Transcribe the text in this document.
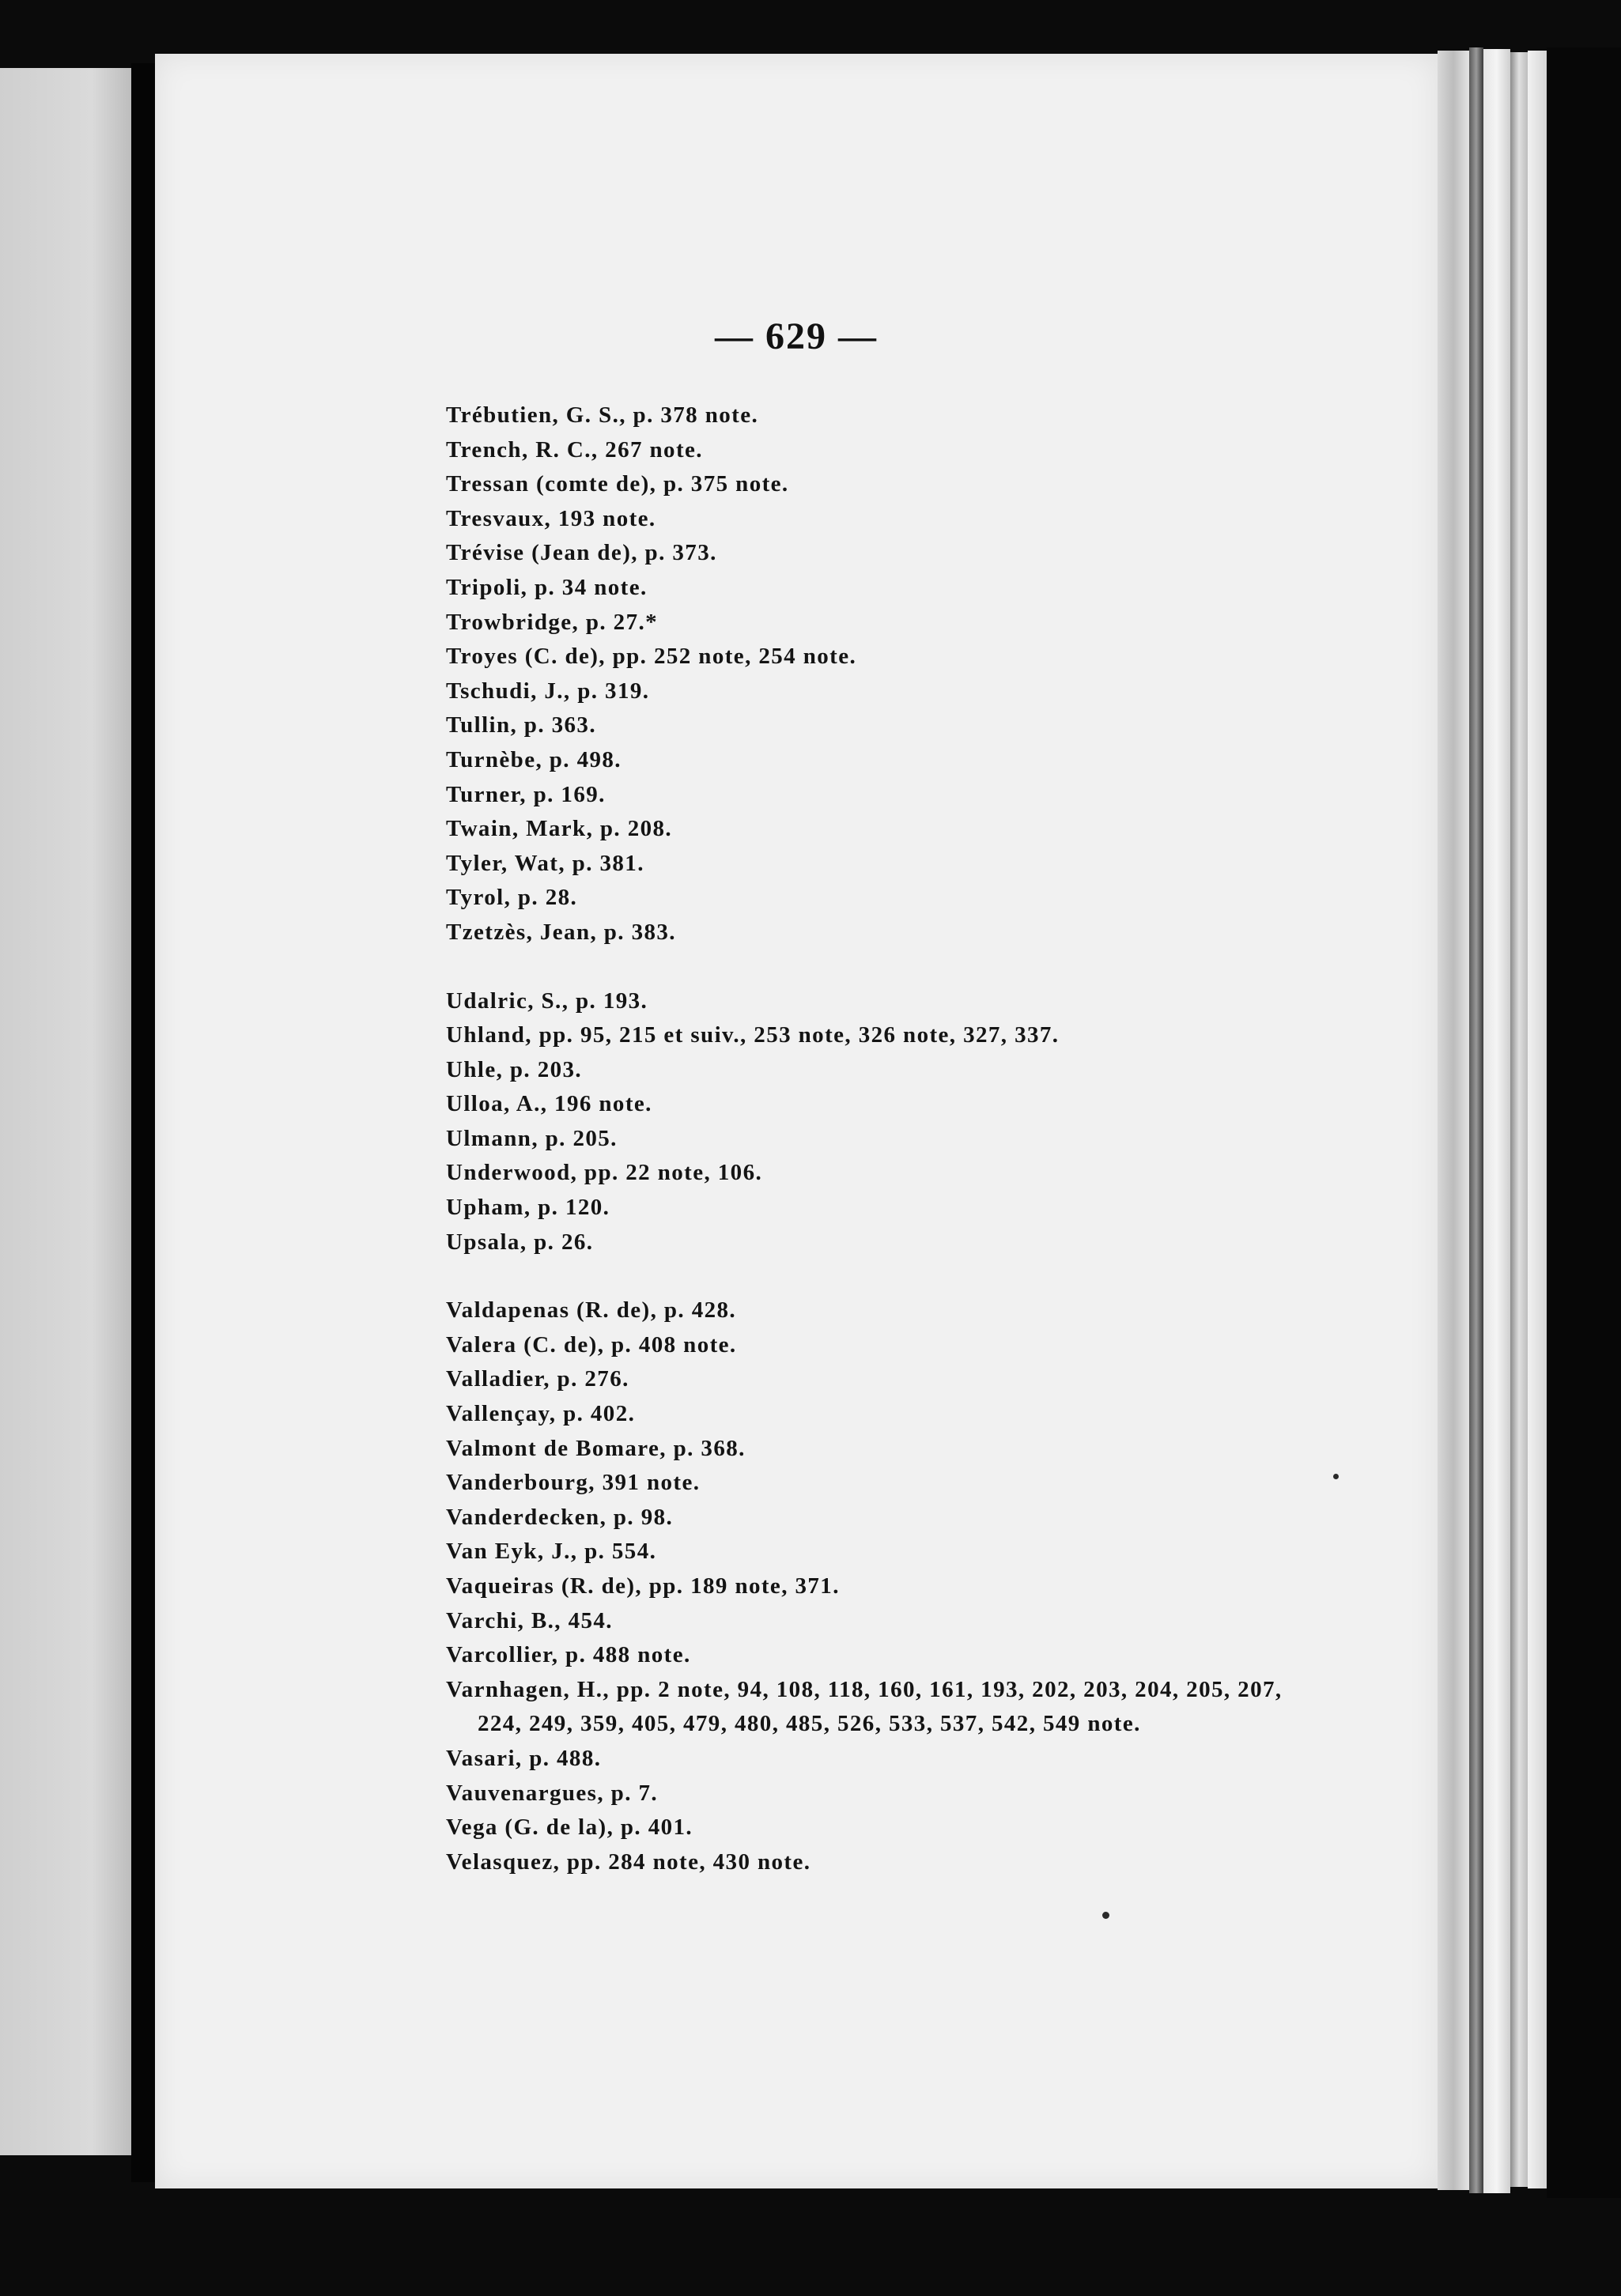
— 629 —
Trébutien, G. S., p. 378 note.
Trench, R. C., 267 note.
Tressan (comte de), p. 375 note.
Tresvaux, 193 note.
Trévise (Jean de), p. 373.
Tripoli, p. 34 note.
Trowbridge, p. 27.*
Troyes (C. de), pp. 252 note, 254 note.
Tschudi, J., p. 319.
Tullin, p. 363.
Turnèbe, p. 498.
Turner, p. 169.
Twain, Mark, p. 208.
Tyler, Wat, p. 381.
Tyrol, p. 28.
Tzetzès, Jean, p. 383.
Udalric, S., p. 193.
Uhland, pp. 95, 215 et suiv., 253 note, 326 note, 327, 337.
Uhle, p. 203.
Ulloa, A., 196 note.
Ulmann, p. 205.
Underwood, pp. 22 note, 106.
Upham, p. 120.
Upsala, p. 26.
Valdapenas (R. de), p. 428.
Valera (C. de), p. 408 note.
Valladier, p. 276.
Vallençay, p. 402.
Valmont de Bomare, p. 368.
Vanderbourg, 391 note.
Vanderdecken, p. 98.
Van Eyk, J., p. 554.
Vaqueiras (R. de), pp. 189 note, 371.
Varchi, B., 454.
Varcollier, p. 488 note.
Varnhagen, H., pp. 2 note, 94, 108, 118, 160, 161, 193, 202, 203, 204, 205, 207, 224, 249, 359, 405, 479, 480, 485, 526, 533, 537, 542, 549 note.
Vasari, p. 488.
Vauvenargues, p. 7.
Vega (G. de la), p. 401.
Velasquez, pp. 284 note, 430 note.
